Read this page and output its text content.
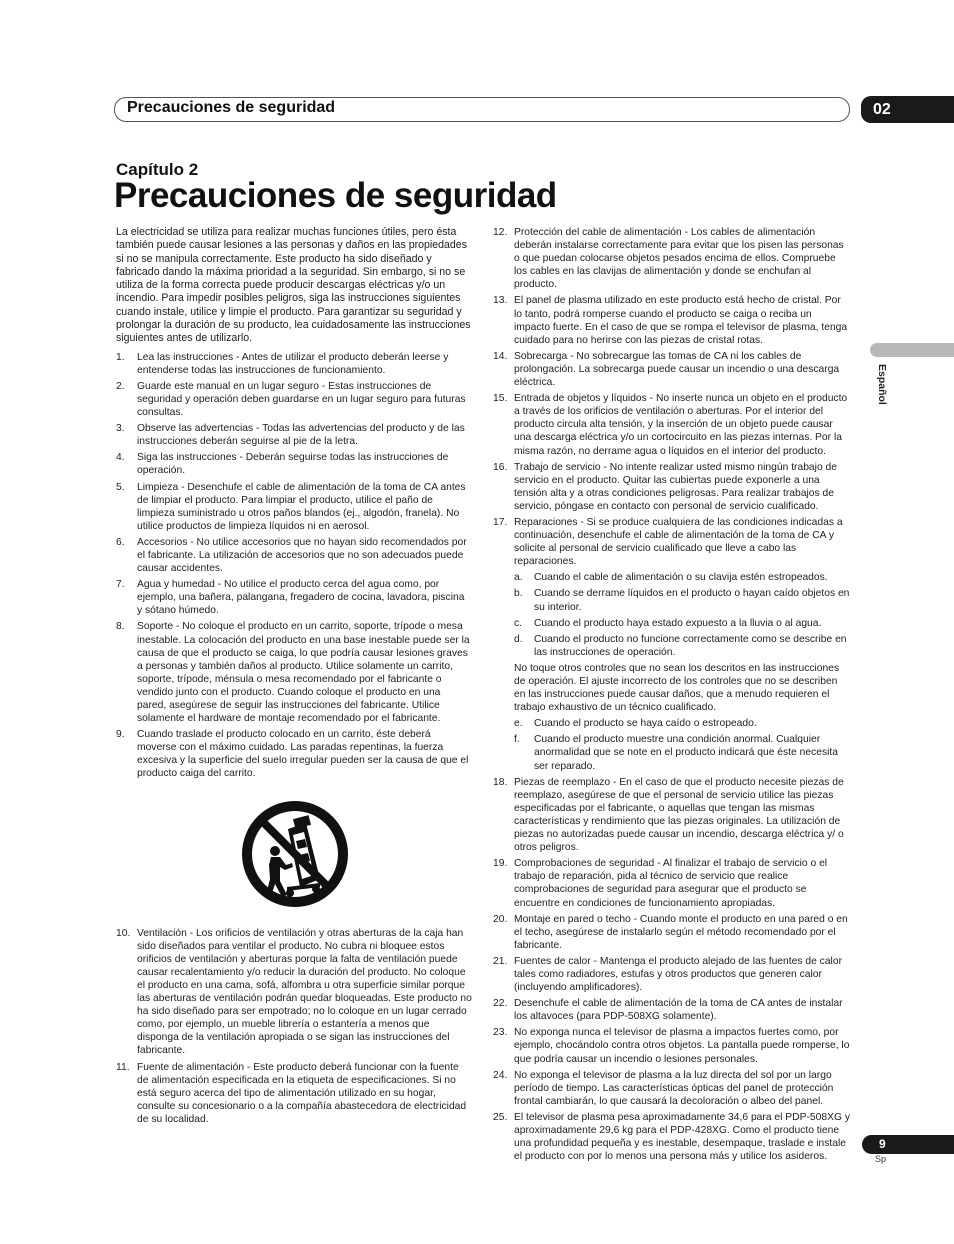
Precauciones de seguridad	02
Capítulo 2
Precauciones de seguridad

La electricidad se utiliza para realizar muchas funciones útiles, pero ésta también puede causar lesiones a las personas y daños en las propiedades si no se manipula correctamente. Este producto ha sido diseñado y fabricado dando la máxima prioridad a la seguridad. Sin embargo, si no se utiliza de la forma correcta puede producir descargas eléctricas y/o un incendio. Para impedir posibles peligros, siga las instrucciones siguientes cuando instale, utilice y limpie el producto. Para garantizar su seguridad y prolongar la duración de su producto, lea cuidadosamente las instrucciones siguientes antes de utilizarlo.

1.	Lea las instrucciones - Antes de utilizar el producto deberán leerse y entenderse todas las instrucciones de funcionamiento.
2.	Guarde este manual en un lugar seguro - Estas instrucciones de seguridad y operación deben guardarse en un lugar seguro para futuras consultas.
3.	Observe las advertencias - Todas las advertencias del producto y de las instrucciones deberán seguirse al pie de la letra.
4.	Siga las instrucciones - Deberán seguirse todas las instrucciones de operación.
5.	Limpieza - Desenchufe el cable de alimentación de la toma de CA antes de limpiar el producto. Para limpiar el producto, utilice el paño de limpieza suministrado u otros paños blandos (ej., algodón, franela). No utilice productos de limpieza líquidos ni en aerosol.
6.	Accesorios - No utilice accesorios que no hayan sido recomendados por el fabricante. La utilización de accesorios que no son adecuados puede causar accidentes.
7.	Agua y humedad - No utilice el producto cerca del agua como, por ejemplo, una bañera, palangana, fregadero de cocina, lavadora, piscina y sótano húmedo.
8.	Soporte - No coloque el producto en un carrito, soporte, trípode o mesa inestable. La colocación del producto en una base inestable puede ser la causa de que el producto se caiga, lo que podría causar lesiones graves a personas y también daños al producto. Utilice solamente un carrito, soporte, trípode, ménsula o mesa recomendado por el fabricante o vendido junto con el producto. Cuando coloque el producto en una pared, asegúrese de seguir las instrucciones del fabricante. Utilice solamente el hardware de montaje recomendado por el fabricante.
9.	Cuando traslade el producto colocado en un carrito, éste deberá moverse con el máximo cuidado. Las paradas repentinas, la fuerza excesiva y la superficie del suelo irregular pueden ser la causa de que el producto caiga del carrito.
10. Ventilación - Los orificios de ventilación y otras aberturas de la caja han sido diseñados para ventilar el producto. No cubra ni bloquee estos orificios de ventilación y aberturas porque la falta de ventilación puede causar recalentamiento y/o reducir la duración del producto. No coloque el producto en una cama, sofá, alfombra u otra superficie similar porque las aberturas de ventilación podrán quedar bloqueadas. Este producto no ha sido diseñado para ser empotrado; no lo coloque en un lugar cerrado como, por ejemplo, un mueble librería o estantería a menos que disponga de la ventilación apropiada o se sigan las instrucciones del fabricante.
11. Fuente de alimentación - Este producto deberá funcionar con la fuente de alimentación especificada en la etiqueta de especificaciones. Si no está seguro acerca del tipo de alimentación utilizado en su hogar, consulte su concesionario o a la compañía abastecedora de electricidad de su localidad.
12. Protección del cable de alimentación - Los cables de alimentación deberán instalarse correctamente para evitar que los pisen las personas o que puedan colocarse objetos pesados encima de ellos. Compruebe los cables en las clavijas de alimentación y donde se enchufan al producto.
13. El panel de plasma utilizado en este producto está hecho de cristal. Por lo tanto, podrá romperse cuando el producto se caiga o reciba un impacto fuerte. En el caso de que se rompa el televisor de plasma, tenga cuidado para no herirse con las piezas de cristal rotas.
14. Sobrecarga - No sobrecargue las tomas de CA ni los cables de prolongación. La sobrecarga puede causar un incendio o una descarga eléctrica.
15. Entrada de objetos y líquidos - No inserte nunca un objeto en el producto a través de los orificios de ventilación o aberturas. Por el interior del producto circula alta tensión, y la inserción de un objeto puede causar una descarga eléctrica y/o un cortocircuito en las piezas internas. Por la misma razón, no derrame agua o líquidos en el interior del producto.
16. Trabajo de servicio - No intente realizar usted mismo ningún trabajo de servicio en el producto. Quitar las cubiertas puede exponerle a una tensión alta y a otras condiciones peligrosas. Para realizar trabajos de servicio, póngase en contacto con personal de servicio cualificado.
17. Reparaciones - Si se produce cualquiera de las condiciones indicadas a continuación, desenchufe el cable de alimentación de la toma de CA y solicite al personal de servicio cualificado que lleve a cabo las reparaciones.
a. Cuando el cable de alimentación o su clavija estén estropeados.
b. Cuando se derrame líquidos en el producto o hayan caído objetos en su interior.
c. Cuando el producto haya estado expuesto a la lluvia o al agua.
d. Cuando el producto no funcione correctamente como se describe en las instrucciones de operación.

No toque otros controles que no sean los descritos en las instrucciones de operación. El ajuste incorrecto de los controles que no se describen en las instrucciones puede causar daños, que a menudo requieren el trabajo exhaustivo de un técnico cualificado.

e. Cuando el producto se haya caído o estropeado.
f. Cuando el producto muestre una condición anormal. Cualquier anormalidad que se note en el producto indicará que éste necesita ser reparado.
18. Piezas de reemplazo - En el caso de que el producto necesite piezas de reemplazo, asegúrese de que el personal de servicio utilice las piezas especificadas por el fabricante, o aquellas que tengan las mismas características y rendimiento que las piezas originales. La utilización de piezas no autorizadas puede causar un incendio, descarga eléctrica y/ o otros peligros.
19. Comprobaciones de seguridad - Al finalizar el trabajo de servicio o el trabajo de reparación, pida al técnico de servicio que realice comprobaciones de seguridad para asegurar que el producto se encuentre en condiciones de funcionamiento apropiadas.
20. Montaje en pared o techo - Cuando monte el producto en una pared o en el techo, asegúrese de instalarlo según el método recomendado por el fabricante.
21. Fuentes de calor - Mantenga el producto alejado de las fuentes de calor tales como radiadores, estufas y otros productos que generen calor (incluyendo amplificadores).
22. Desenchufe el cable de alimentación de la toma de CA antes de instalar los altavoces (para PDP-508XG solamente).
23. No exponga nunca el televisor de plasma a impactos fuertes como, por ejemplo, chocándolo contra otros objetos. La pantalla puede romperse, lo que podría causar un incendio o lesiones personales.
24. No exponga el televisor de plasma a la luz directa del sol por un largo período de tiempo. Las características ópticas del panel de protección frontal cambiarán, lo que causará la decoloración o albeo del panel.
25. El televisor de plasma pesa aproximadamente 34,6 para el PDP-508XG y aproximadamente 29,6 kg para el PDP-428XG. Como el producto tiene una profundidad pequeña y es inestable, desempaque, traslade e instale el producto con por lo menos una persona más y utilice los asideros.
Español
9
Sp
